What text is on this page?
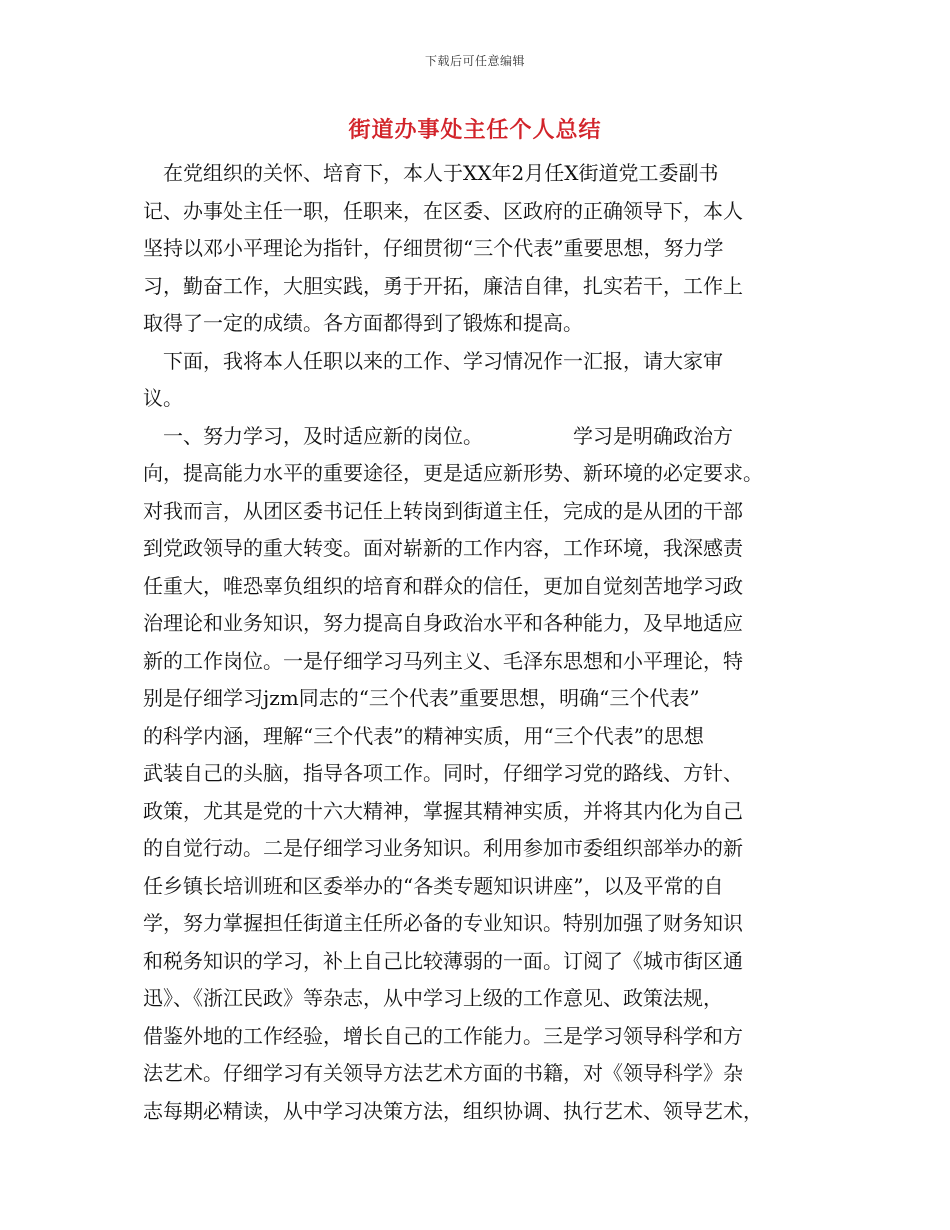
下载后可任意编辑
街道办事处主任个人总结
　在党组织的关怀、培育下，本人于XX年2月任X街道党工委副书
记、办事处主任一职，任职来，在区委、区政府的正确领导下，本人
坚持以邓小平理论为指针，仔细贯彻“三个代表”重要思想，努力学
习，勤奋工作，大胆实践，勇于开拓，廉洁自律，扎实若干，工作上
取得了一定的成绩。各方面都得到了锻炼和提高。
　下面，我将本人任职以来的工作、学习情况作一汇报，请大家审
议。
　一、努力学习，及时适应新的岗位。　　　　　学习是明确政治方
向，提高能力水平的重要途径，更是适应新形势、新环境的必定要求。
对我而言，从团区委书记任上转岗到街道主任，完成的是从团的干部
到党政领导的重大转变。面对崭新的工作内容，工作环境，我深感责
任重大，唯恐辜负组织的培育和群众的信任，更加自觉刻苦地学习政
治理论和业务知识，努力提高自身政治水平和各种能力，及早地适应
新的工作岗位。一是仔细学习马列主义、毛泽东思想和小平理论，特
别是仔细学习jzm同志的“三个代表”重要思想，明确“三个代表”
的科学内涵，理解“三个代表”的精神实质，用“三个代表”的思想
武装自己的头脑，指导各项工作。同时，仔细学习党的路线、方针、
政策，尤其是党的十六大精神，掌握其精神实质，并将其内化为自己
的自觉行动。二是仔细学习业务知识。利用参加市委组织部举办的新
任乡镇长培训班和区委举办的“各类专题知识讲座”，以及平常的自
学，努力掌握担任街道主任所必备的专业知识。特别加强了财务知识
和税务知识的学习，补上自己比较薄弱的一面。订阅了《城市街区通
迅》、《浙江民政》等杂志，从中学习上级的工作意见、政策法规，
借鉴外地的工作经验，增长自己的工作能力。三是学习领导科学和方
法艺术。仔细学习有关领导方法艺术方面的书籍，对《领导科学》杂
志每期必精读，从中学习决策方法，组织协调、执行艺术、领导艺术，
